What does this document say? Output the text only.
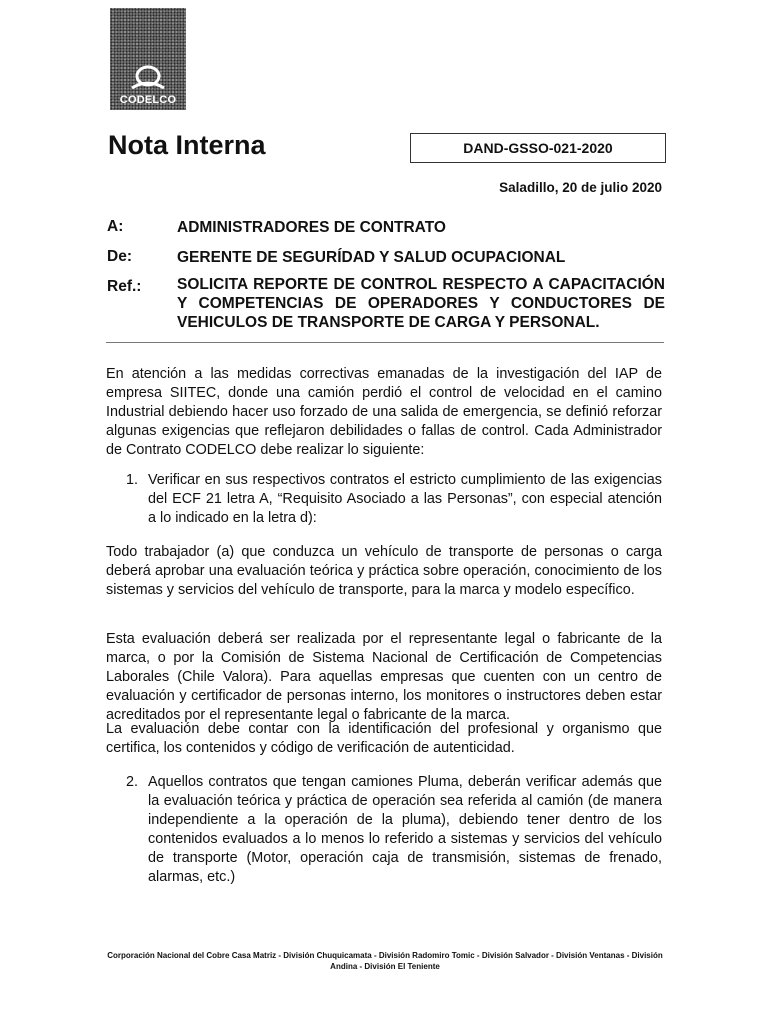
CODELCO
Nota Interna	DAND-GSSO-021-2020
Saladillo, 20 de julio 2020
A:	ADMINISTRADORES DE CONTRATO
De:	GERENTE DE SEGURÍDAD Y SALUD OCUPACIONAL
Ref.: SOLICITA REPORTE DE CONTROL RESPECTO A CAPACITACIÓN Y COMPETENCIAS DE OPERADORES Y CONDUCTORES DE VEHICULOS DE TRANSPORTE DE CARGA Y PERSONAL.

En atención a las medidas correctivas emanadas de la investigación del IAP de empresa SIITEC, donde una camión perdió el control de velocidad en el camino Industrial debiendo hacer uso forzado de una salida de emergencia, se definió reforzar algunas exigencias que reflejaron debilidades o fallas de control. Cada Administrador de Contrato CODELCO debe realizar lo siguiente:

1. Verificar en sus respectivos contratos el estricto cumplimiento de las exigencias del ECF 21 letra A, “Requisito Asociado a las Personas”, con especial atención a lo indicado en la letra d):

Todo trabajador (a) que conduzca un vehículo de transporte de personas o carga deberá aprobar una evaluación teórica y práctica sobre operación, conocimiento de los sistemas y servicios del vehículo de transporte, para la marca y modelo específico.

Esta evaluación deberá ser realizada por el representante legal o fabricante de la marca, o por la Comisión de Sistema Nacional de Certificación de Competencias Laborales (Chile Valora). Para aquellas empresas que cuenten con un centro de evaluación y certificador de personas interno, los monitores o instructores deben estar acreditados por el representante legal o fabricante de la marca.

La evaluación debe contar con la identificación del profesional y organismo que certifica, los contenidos y código de verificación de autenticidad.

2. Aquellos contratos que tengan camiones Pluma, deberán verificar además que la evaluación teórica y práctica de operación sea referida al camión (de manera independiente a la operación de la pluma), debiendo tener dentro de los contenidos evaluados a lo menos lo referido a sistemas y servicios del vehículo de transporte (Motor, operación caja de transmisión, sistemas de frenado, alarmas, etc.)

Corporación Nacional del Cobre Casa Matriz - División Chuquicamata - División Radomiro Tomic - División Salvador - División Ventanas - División Andina - División El Teniente
